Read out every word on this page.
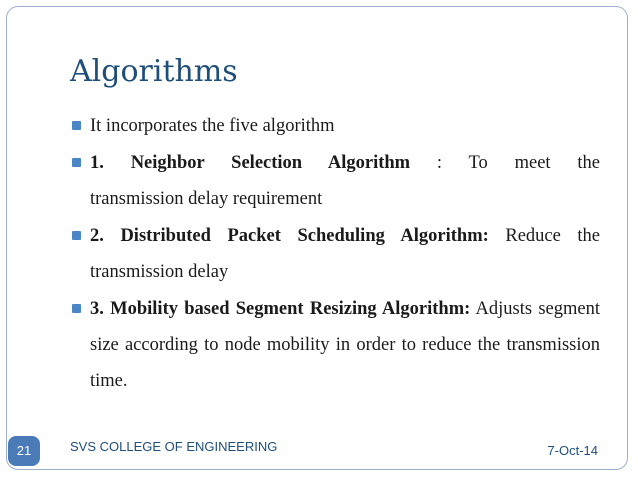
Algorithms
It incorporates the five algorithm
1. Neighbor Selection Algorithm : To meet the
transmission delay requirement
2. Distributed Packet Scheduling Algorithm: Reduce the transmission delay
3. Mobility based Segment Resizing Algorithm: Adjusts segment size according to node mobility in order to reduce the transmission time.
21	SVS COLLEGE OF ENGINEERING	7-Oct-14
